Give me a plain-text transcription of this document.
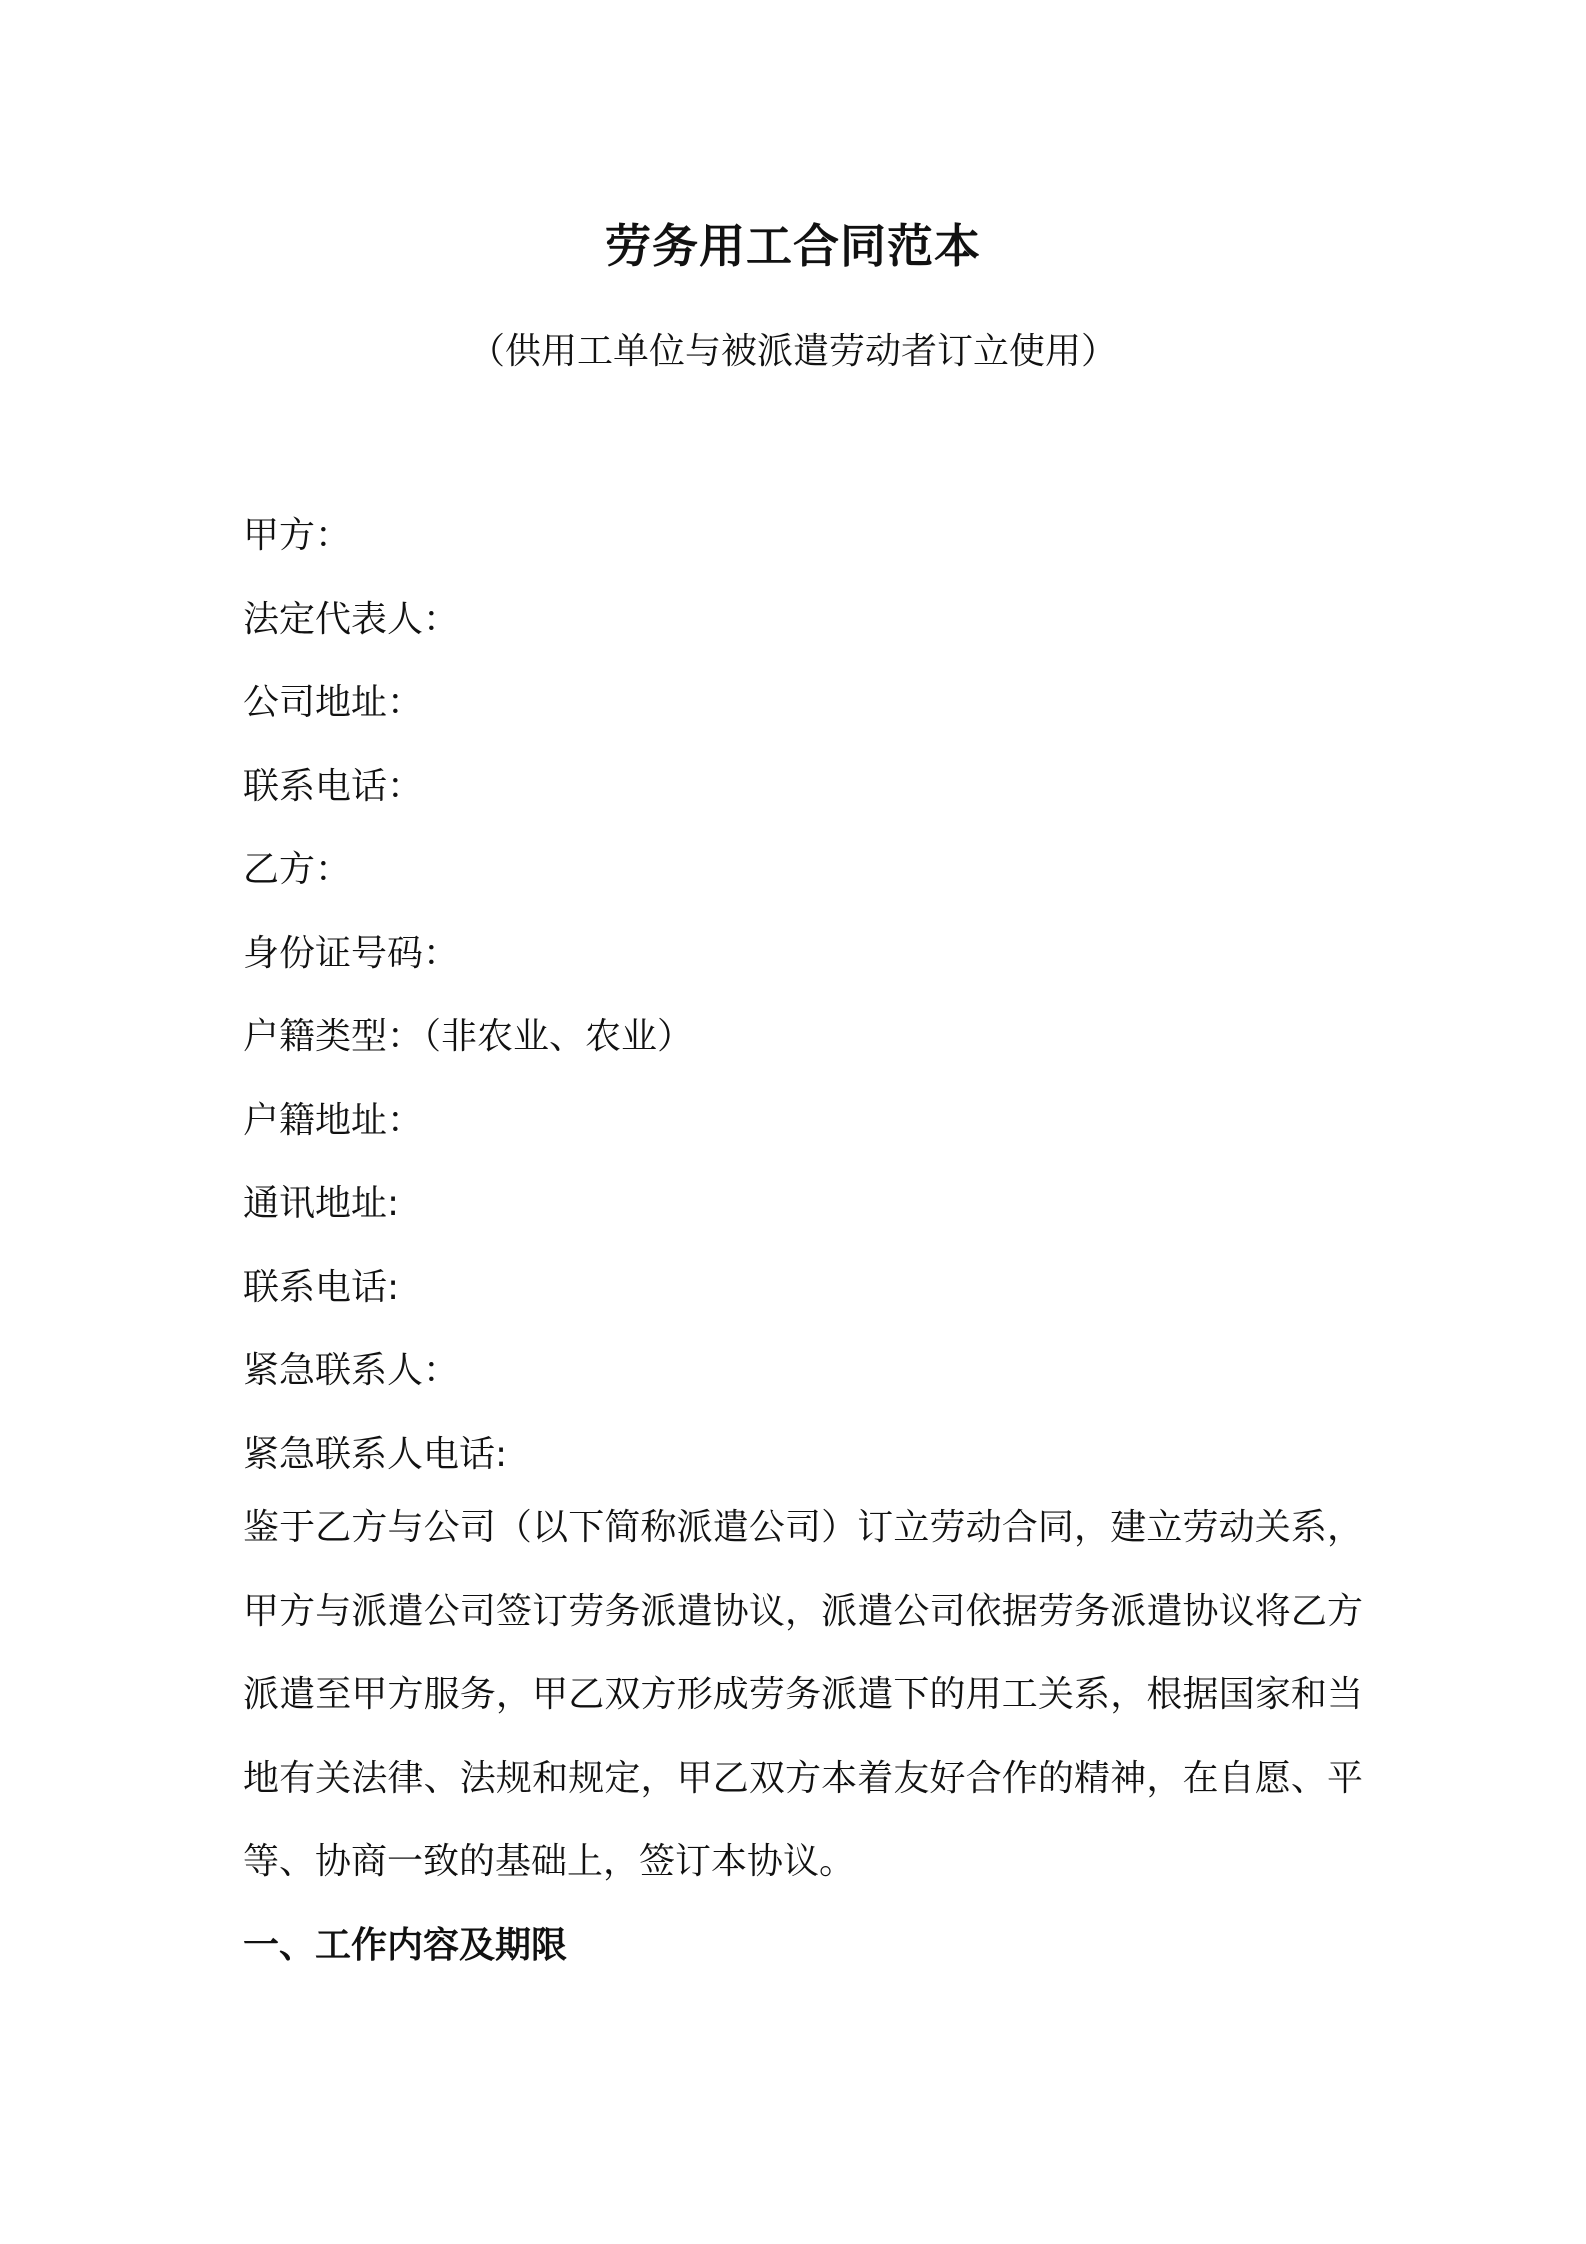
劳务用工合同范本

（供用工单位与被派遣劳动者订立使用）

甲方：
法定代表人：
公司地址：
联系电话：
乙方：
身份证号码：
户籍类型：（非农业、农业）
户籍地址：
通讯地址:
联系电话:
紧急联系人：
紧急联系人电话:

鉴于乙方与公司（以下简称派遣公司）订立劳动合同，建立劳动关系，甲方与派遣公司签订劳务派遣协议，派遣公司依据劳务派遣协议将乙方派遣至甲方服务，甲乙双方形成劳务派遣下的用工关系，根据国家和当地有关法律、法规和规定，甲乙双方本着友好合作的精神，在自愿、平等、协商一致的基础上，签订本协议。

一、工作内容及期限
